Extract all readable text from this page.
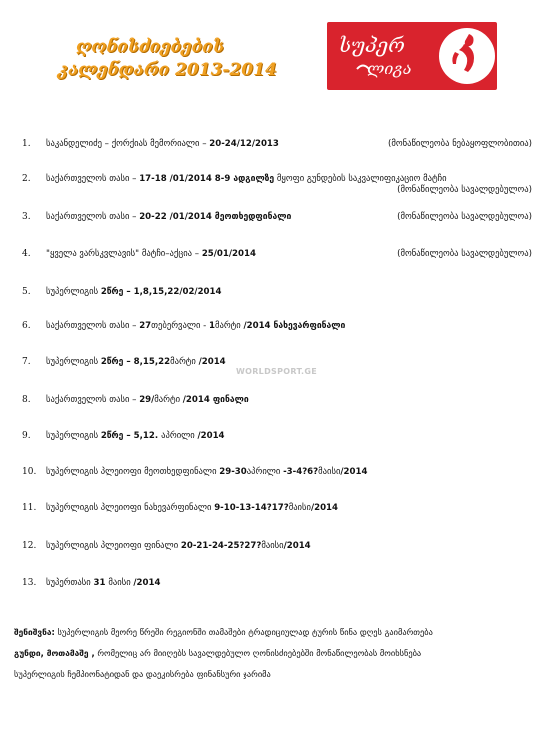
ღონისძიებების
კალენდარი 2013-2014
სუპერ
ლიგა
1. საკანდელიძე – ქორქიას მემორიალი – 20-24/12/2013	(მონაწილეობა ნებაყოფლობითია)
2. საქართველოს თასი – 17-18 /01/2014 8-9 ადგილზე მყოფი გუნდების საკვალიფიკაციო მატჩი
(მონაწილეობა სავალდებულოა)
3. საქართველოს თასი – 20-22 /01/2014 მეოთხედფინალი	(მონაწილეობა სავალდებულოა)
4. "ყველა ვარსკვლავის" მატჩი–აქცია – 25/01/2014	(მონაწილეობა სავალდებულოა)
5. სუპერლიგის 2წრე – 1,8,15,22/02/2014
6. საქართველოს თასი – 27თებერვალი - 1მარტი /2014 ნახევარფინალი
7. სუპერლიგის 2წრე – 8,15,22მარტი /2014
8. საქართველოს თასი – 29/მარტი /2014 ფინალი
9. სუპერლიგის 2წრე – 5,12. აპრილი /2014
10. სუპერლიგის პლეიოფი მეოთხედფინალი 29-30აპრილი -3-4?6?მაისი/2014
11. სუპერლიგის პლეიოფი ნახევარფინალი 9-10-13-14?17?მაისი/2014
12. სუპერლიგის პლეიოფი ფინალი 20-21-24-25?27?მაისი/2014
13. სუპერთასი 31 მაისი /2014
WORLDSPORT.GE
შენიშვნა: სუპერლიგის მეორე წრეში რეგიონში თამაშები ტრადიციულად ტურის წინა დღეს გაიმართება
გუნდი, მოთამაშე , რომელიც არ მიიღებს სავალდებულო ღონისძიებებში მონაწილეობას მოიხსნება
სუპერლიგის ჩემპიონატიდან და დაეკისრება ფინანსური ჯარიმა
